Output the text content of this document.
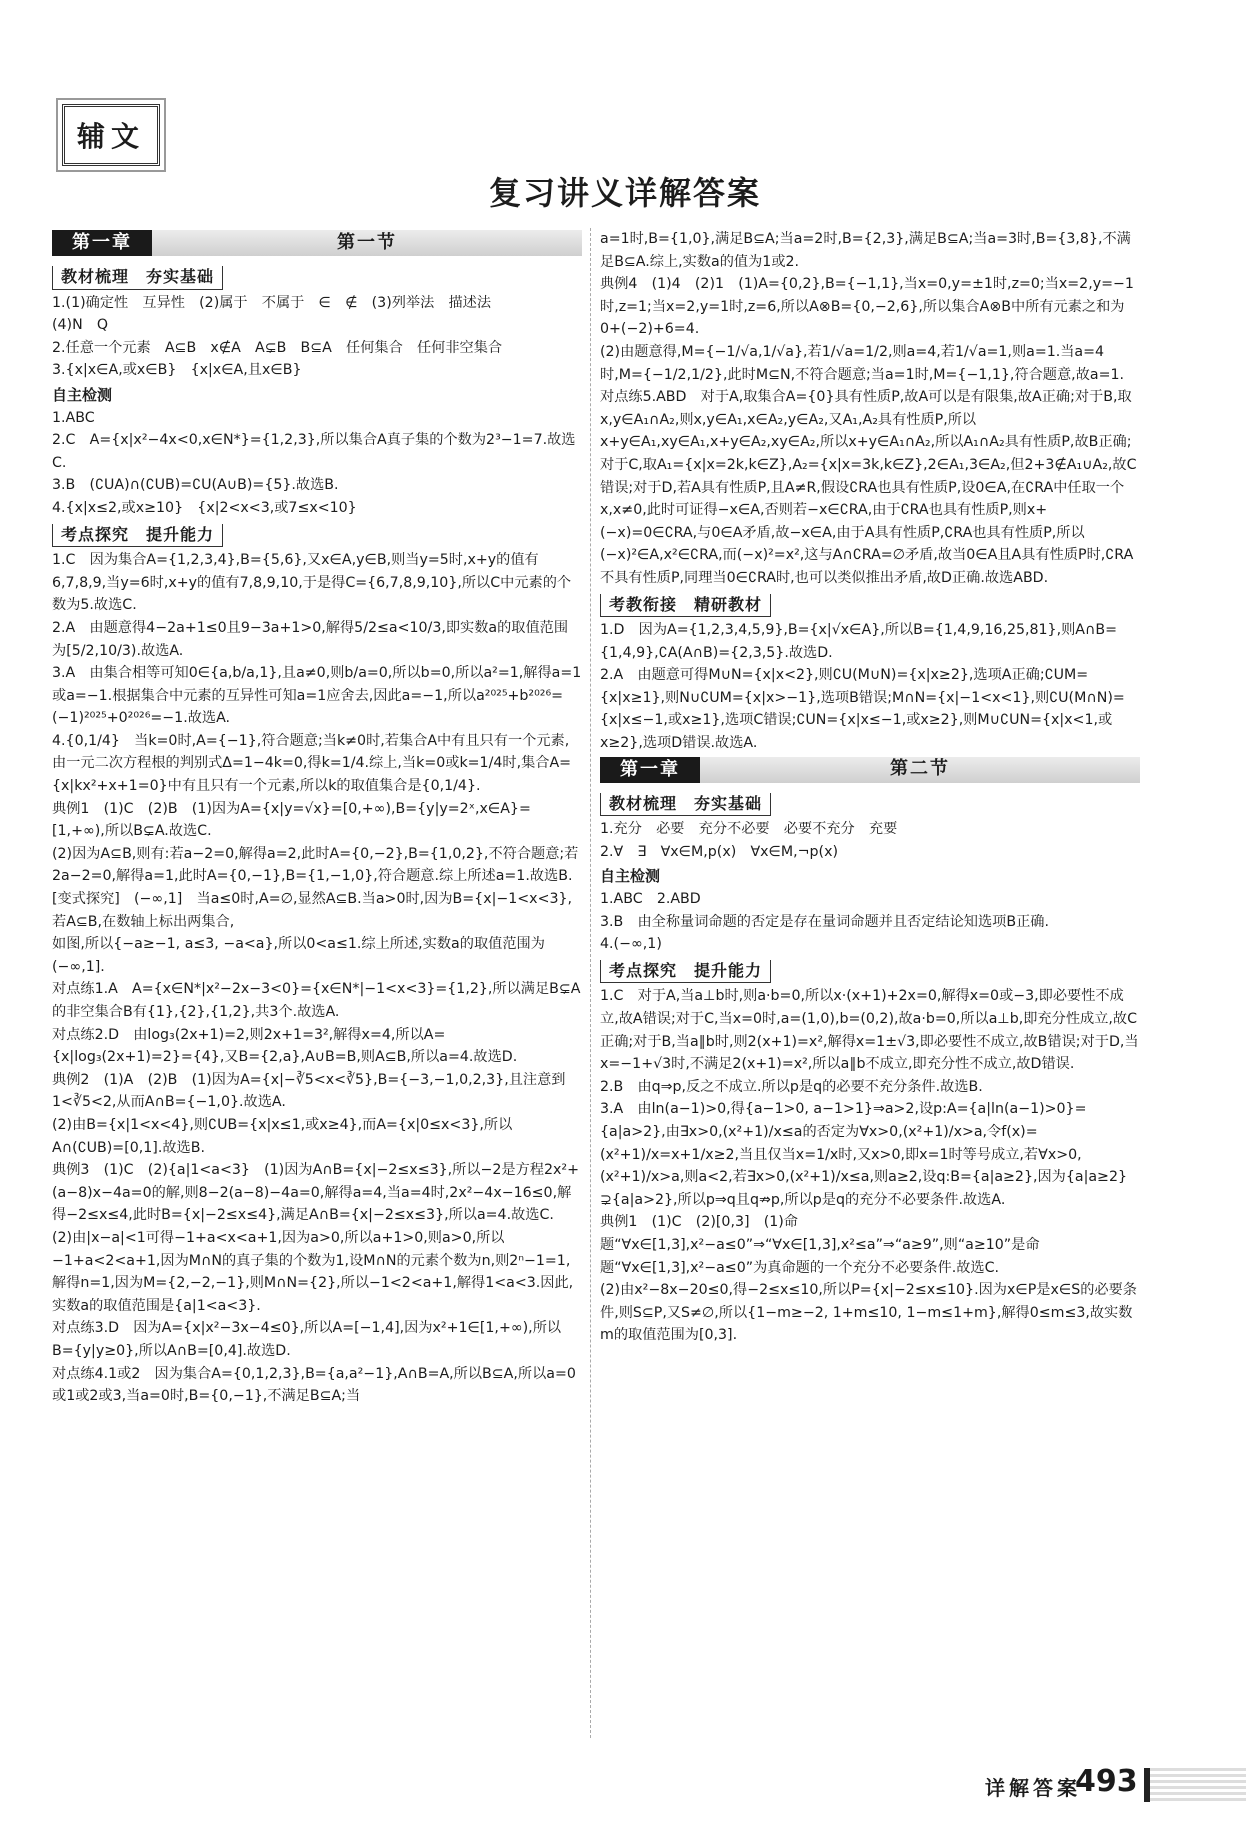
辅文
复习讲义详解答案
第一章	第一节
教材梳理　夯实基础

1.(1)确定性　互异性　(2)属于　不属于　∈　∉　(3)列举法　描述法

(4)N　Q

2.任意一个元素　A⊆B　x∉A　A⊊B　B⊆A　任何集合　任何非空集合

3.{x|x∈A,或x∈B}　{x|x∈A,且x∈B}

自主检测

1.ABC

2.C　A={x|x²−4x<0,x∈N*}={1,2,3},所以集合A真子集的个数为2³−1=7.故选C.

3.B　(∁UA)∩(∁UB)=∁U(A∪B)={5}.故选B.

4.{x|x≤2,或x≥10}　{x|2<x<3,或7≤x<10}

考点探究　提升能力

1.C　因为集合A={1,2,3,4},B={5,6},又x∈A,y∈B,则当y=5时,x+y的值有6,7,8,9,当y=6时,x+y的值有7,8,9,10,于是得C={6,7,8,9,10},所以C中元素的个数为5.故选C.

2.A　由题意得4−2a+1≤0且9−3a+1>0,解得5/2≤a<10/3,即实数a的取值范围为[5/2,10/3).故选A.

3.A　由集合相等可知0∈{a,b/a,1},且a≠0,则b/a=0,所以b=0,所以a²=1,解得a=1或a=−1.根据集合中元素的互异性可知a=1应舍去,因此a=−1,所以a²⁰²⁵+b²⁰²⁶=(−1)²⁰²⁵+0²⁰²⁶=−1.故选A.

4.{0,1/4}　当k=0时,A={−1},符合题意;当k≠0时,若集合A中有且只有一个元素,由一元二次方程根的判别式Δ=1−4k=0,得k=1/4.综上,当k=0或k=1/4时,集合A={x|kx²+x+1=0}中有且只有一个元素,所以k的取值集合是{0,1/4}.

典例1　(1)C　(2)B　(1)因为A={x|y=√x}=[0,+∞),B={y|y=2ˣ,x∈A}=[1,+∞),所以B⊊A.故选C.

(2)因为A⊆B,则有:若a−2=0,解得a=2,此时A={0,−2},B={1,0,2},不符合题意;若2a−2=0,解得a=1,此时A={0,−1},B={1,−1,0},符合题意.综上所述a=1.故选B.

[变式探究]　(−∞,1]　当a≤0时,A=∅,显然A⊆B.当a>0时,因为B={x|−1<x<3},若A⊆B,在数轴上标出两集合,

如图,所以{−a≥−1, a≤3, −a<a},所以0<a≤1.综上所述,实数a的取值范围为(−∞,1].

对点练1.A　A={x∈N*|x²−2x−3<0}={x∈N*|−1<x<3}={1,2},所以满足B⊊A的非空集合B有{1},{2},{1,2},共3个.故选A.

对点练2.D　由log₃(2x+1)=2,则2x+1=3²,解得x=4,所以A={x|log₃(2x+1)=2}={4},又B={2,a},A∪B=B,则A⊆B,所以a=4.故选D.

典例2　(1)A　(2)B　(1)因为A={x|−∛5<x<∛5},B={−3,−1,0,2,3},且注意到1<∛5<2,从而A∩B={−1,0}.故选A.

(2)由B={x|1<x<4},则∁UB={x|x≤1,或x≥4},而A={x|0≤x<3},所以A∩(∁UB)=[0,1].故选B.

典例3　(1)C　(2){a|1<a<3}　(1)因为A∩B={x|−2≤x≤3},所以−2是方程2x²+(a−8)x−4a=0的解,则8−2(a−8)−4a=0,解得a=4,当a=4时,2x²−4x−16≤0,解得−2≤x≤4,此时B={x|−2≤x≤4},满足A∩B={x|−2≤x≤3},所以a=4.故选C.

(2)由|x−a|<1可得−1+a<x<a+1,因为a>0,所以a+1>0,则a>0,所以−1+a<2<a+1,因为M∩N的真子集的个数为1,设M∩N的元素个数为n,则2ⁿ−1=1,解得n=1,因为M={2,−2,−1},则M∩N={2},所以−1<2<a+1,解得1<a<3.因此,实数a的取值范围是{a|1<a<3}.

对点练3.D　因为A={x|x²−3x−4≤0},所以A=[−1,4],因为x²+1∈[1,+∞),所以B={y|y≥0},所以A∩B=[0,4].故选D.

对点练4.1或2　因为集合A={0,1,2,3},B={a,a²−1},A∩B=A,所以B⊆A,所以a=0或1或2或3,当a=0时,B={0,−1},不满足B⊆A;当

a=1时,B={1,0},满足B⊆A;当a=2时,B={2,3},满足B⊆A;当a=3时,B={3,8},不满足B⊆A.综上,实数a的值为1或2.

典例4　(1)4　(2)1　(1)A={0,2},B={−1,1},当x=0,y=±1时,z=0;当x=2,y=−1时,z=1;当x=2,y=1时,z=6,所以A⊗B={0,−2,6},所以集合A⊗B中所有元素之和为0+(−2)+6=4.

(2)由题意得,M={−1/√a,1/√a},若1/√a=1/2,则a=4,若1/√a=1,则a=1.当a=4时,M={−1/2,1/2},此时M⊆N,不符合题意;当a=1时,M={−1,1},符合题意,故a=1.

对点练5.ABD　对于A,取集合A={0}具有性质P,故A可以是有限集,故A正确;对于B,取x,y∈A₁∩A₂,则x,y∈A₁,x∈A₂,y∈A₂,又A₁,A₂具有性质P,所以x+y∈A₁,xy∈A₁,x+y∈A₂,xy∈A₂,所以x+y∈A₁∩A₂,所以A₁∩A₂具有性质P,故B正确;对于C,取A₁={x|x=2k,k∈Z},A₂={x|x=3k,k∈Z},2∈A₁,3∈A₂,但2+3∉A₁∪A₂,故C错误;对于D,若A具有性质P,且A≠R,假设∁RA也具有性质P,设0∈A,在∁RA中任取一个x,x≠0,此时可证得−x∈A,否则若−x∈∁RA,由于∁RA也具有性质P,则x+(−x)=0∈∁RA,与0∈A矛盾,故−x∈A,由于A具有性质P,∁RA也具有性质P,所以(−x)²∈A,x²∈∁RA,而(−x)²=x²,这与A∩∁RA=∅矛盾,故当0∈A且A具有性质P时,∁RA不具有性质P,同理当0∈∁RA时,也可以类似推出矛盾,故D正确.故选ABD.

考教衔接　精研教材

1.D　因为A={1,2,3,4,5,9},B={x|√x∈A},所以B={1,4,9,16,25,81},则A∩B={1,4,9},∁A(A∩B)={2,3,5}.故选D.

2.A　由题意可得M∪N={x|x<2},则∁U(M∪N)={x|x≥2},选项A正确;∁UM={x|x≥1},则N∪∁UM={x|x>−1},选项B错误;M∩N={x|−1<x<1},则∁U(M∩N)={x|x≤−1,或x≥1},选项C错误;∁UN={x|x≤−1,或x≥2},则M∪∁UN={x|x<1,或x≥2},选项D错误.故选A.

第一章	第二节
教材梳理　夯实基础

1.充分　必要　充分不必要　必要不充分　充要

2.∀　∃　∀x∈M,p(x)　∀x∈M,¬p(x)

自主检测

1.ABC　2.ABD

3.B　由全称量词命题的否定是存在量词命题并且否定结论知选项B正确.

4.(−∞,1)

考点探究　提升能力

1.C　对于A,当a⊥b时,则a·b=0,所以x·(x+1)+2x=0,解得x=0或−3,即必要性不成立,故A错误;对于C,当x=0时,a=(1,0),b=(0,2),故a·b=0,所以a⊥b,即充分性成立,故C正确;对于B,当a∥b时,则2(x+1)=x²,解得x=1±√3,即必要性不成立,故B错误;对于D,当x=−1+√3时,不满足2(x+1)=x²,所以a∥b不成立,即充分性不成立,故D错误.

2.B　由q⇒p,反之不成立.所以p是q的必要不充分条件.故选B.

3.A　由ln(a−1)>0,得{a−1>0, a−1>1}⇒a>2,设p:A={a|ln(a−1)>0}={a|a>2},由∃x>0,(x²+1)/x≤a的否定为∀x>0,(x²+1)/x>a,令f(x)=(x²+1)/x=x+1/x≥2,当且仅当x=1/x时,又x>0,即x=1时等号成立,若∀x>0,(x²+1)/x>a,则a<2,若∃x>0,(x²+1)/x≤a,则a≥2,设q:B={a|a≥2},因为{a|a≥2}⊋{a|a>2},所以p⇒q且q⇏p,所以p是q的充分不必要条件.故选A.

典例1　(1)C　(2)[0,3]　(1)命题“∀x∈[1,3],x²−a≤0”⇒“∀x∈[1,3],x²≤a”⇒“a≥9”,则“a≥10”是命题“∀x∈[1,3],x²−a≤0”为真命题的一个充分不必要条件.故选C.

(2)由x²−8x−20≤0,得−2≤x≤10,所以P={x|−2≤x≤10}.因为x∈P是x∈S的必要条件,则S⊆P,又S≠∅,所以{1−m≥−2, 1+m≤10, 1−m≤1+m},解得0≤m≤3,故实数m的取值范围为[0,3].

详解答案
493
